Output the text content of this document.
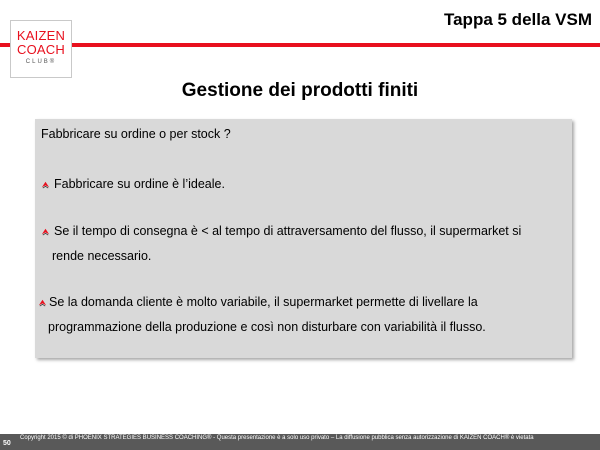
Tappa 5 della VSM
KAIZEN
COACH
CLUB®
Gestione dei prodotti finiti
Fabbricare su ordine o per stock ?
Fabbricare su ordine è l’ideale.
Se il tempo di consegna è < al tempo di attraversamento del flusso, il supermarket si
rende necessario.
Se la domanda cliente è molto variabile, il supermarket permette di livellare la
programmazione della produzione e così non disturbare con variabilità il flusso.
50
Copyright 2015 © di PHOENIX STRATEGIES BUSINESS COACHING® - Questa presentazione è a solo uso privato – La diffusione pubblica senza autorizzazione di KAIZEN COACH® è vietata
